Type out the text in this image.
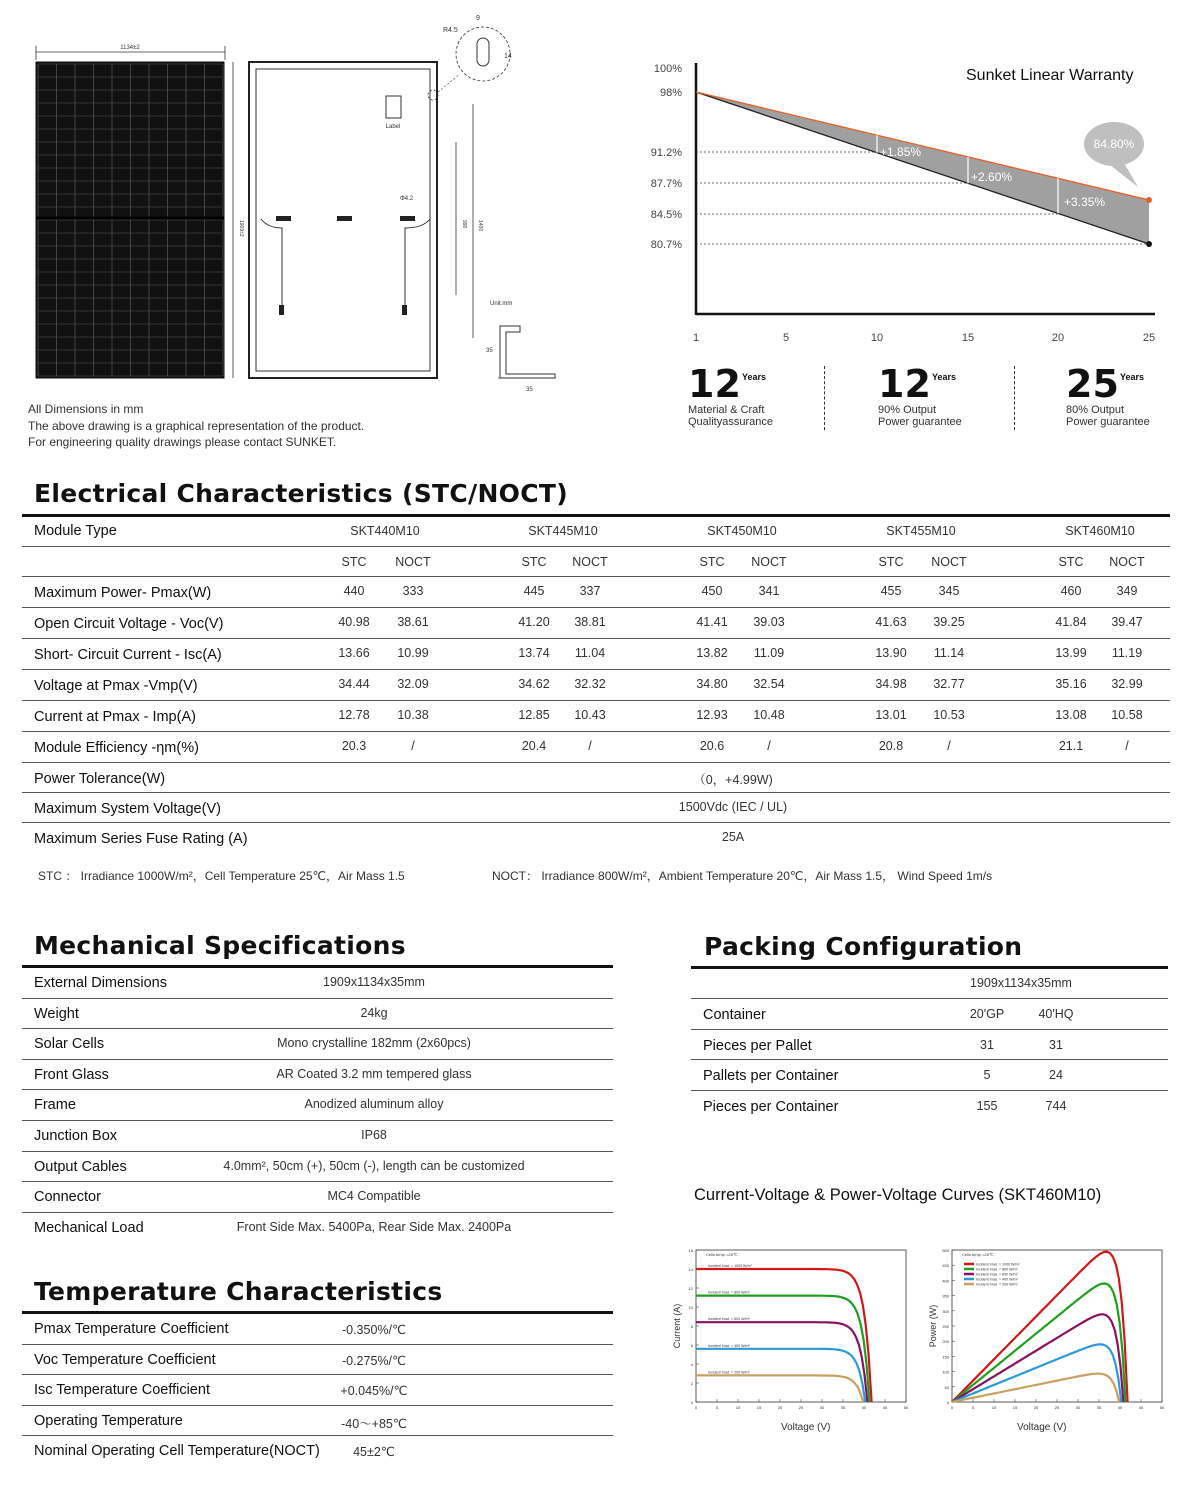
1134±2
1909±2
Label
990 1400
R4.5
9
14
Φ4.2
Unit:mm
35
35
All Dimensions in mm
The above drawing is a graphical representation of the product.
For engineering quality drawings please contact SUNKET.
100%
98%
91.2%
87.7%
84.5%
80.7%
1	5	10	15	20	25
+1.85%
+2.60%
+3.35%
84.80%
Sunket Linear Warranty
12 Years
Material & Craft
Qualityassurance
12 Years
90% Output
Power guarantee
25 Years
80% Output
Power guarantee
Electrical Characteristics (STC/NOCT)
Module Type	SKT440M10	SKT445M10	SKT450M10	SKT455M10	SKT460M10
STC	NOCT	STC	NOCT	STC	NOCT	STC	NOCT	STC	NOCT
Maximum Power- Pmax(W)	440	333	445	337	450	341	455	345	460	349
Open Circuit Voltage - Voc(V)	40.98	38.61	41.20	38.81	41.41	39.03	41.63	39.25	41.84	39.47
Short- Circuit Current - Isc(A)	13.66	10.99	13.74	11.04	13.82	11.09	13.90	11.14	13.99	11.19
Voltage at Pmax -Vmp(V)	34.44	32.09	34.62	32.32	34.80	32.54	34.98	32.77	35.16	32.99
Current at Pmax - Imp(A)	12.78	10.38	12.85	10.43	12.93	10.48	13.01	10.53	13.08	10.58
Module Efficiency -ηm(%)	20.3	/	20.4	/	20.6	/	20.8	/	21.1	/
Power Tolerance(W)	（0，+4.99W)
Maximum System Voltage(V)	1500Vdc (IEC / UL)
Maximum Series Fuse Rating (A)	25A
STC ： Irradiance 1000W/m²，Cell Temperature 25℃，Air Mass 1.5	NOCT： Irradiance 800W/m²，Ambient Temperature 20℃，Air Mass 1.5， Wind Speed 1m/s
Mechanical Specifications
External Dimensions	1909x1134x35mm
Weight	24kg
Solar Cells	Mono crystalline 182mm (2x60pcs)
Front Glass	AR Coated 3.2 mm tempered glass
Frame	Anodized aluminum alloy
Junction Box	IP68
Output Cables	4.0mm², 50cm (+), 50cm (-), length can be customized
Connector	MC4 Compatible
Mechanical Load	Front Side Max. 5400Pa, Rear Side Max. 2400Pa
Packing Configuration
1909x1134x35mm
Container	20'GP	40'HQ
Pieces per Pallet	31	31
Pallets per Container	5	24
Pieces per Container	155	744
Temperature Characteristics
Pmax Temperature Coefficient	-0.350%/℃
Voc Temperature Coefficient	-0.275%/℃
Isc Temperature Coefficient	+0.045%/℃
Operating Temperature	-40～+85℃
Nominal Operating Cell Temperature(NOCT)	45±2℃
Current-Voltage & Power-Voltage Curves (SKT460M10)
0
2
4
6
8
10
12
14
16
0	5	10	15	20	25	30	35	40	45	50
Current (A)
Voltage (V)
Cells temp.=25℃
Incident Irrad. = 1000 W/m²
Incident Irrad. = 800 W/m²
Incident Irrad. = 600 W/m²
Incident Irrad. = 400 W/m²
Incident Irrad. = 200 W/m²
0
50
100
150
200
250
300
350
400
450
500
0	5	10	15	20	25	30	35	40	45	50
Power (W)
Voltage (V)
Cells temp.=25℃
Incident Irrad. = 1000 W/m²
Incident Irrad. = 800 W/m²
Incident Irrad. = 600 W/m²
Incident Irrad. = 400 W/m²
Incident Irrad. = 200 W/m²
